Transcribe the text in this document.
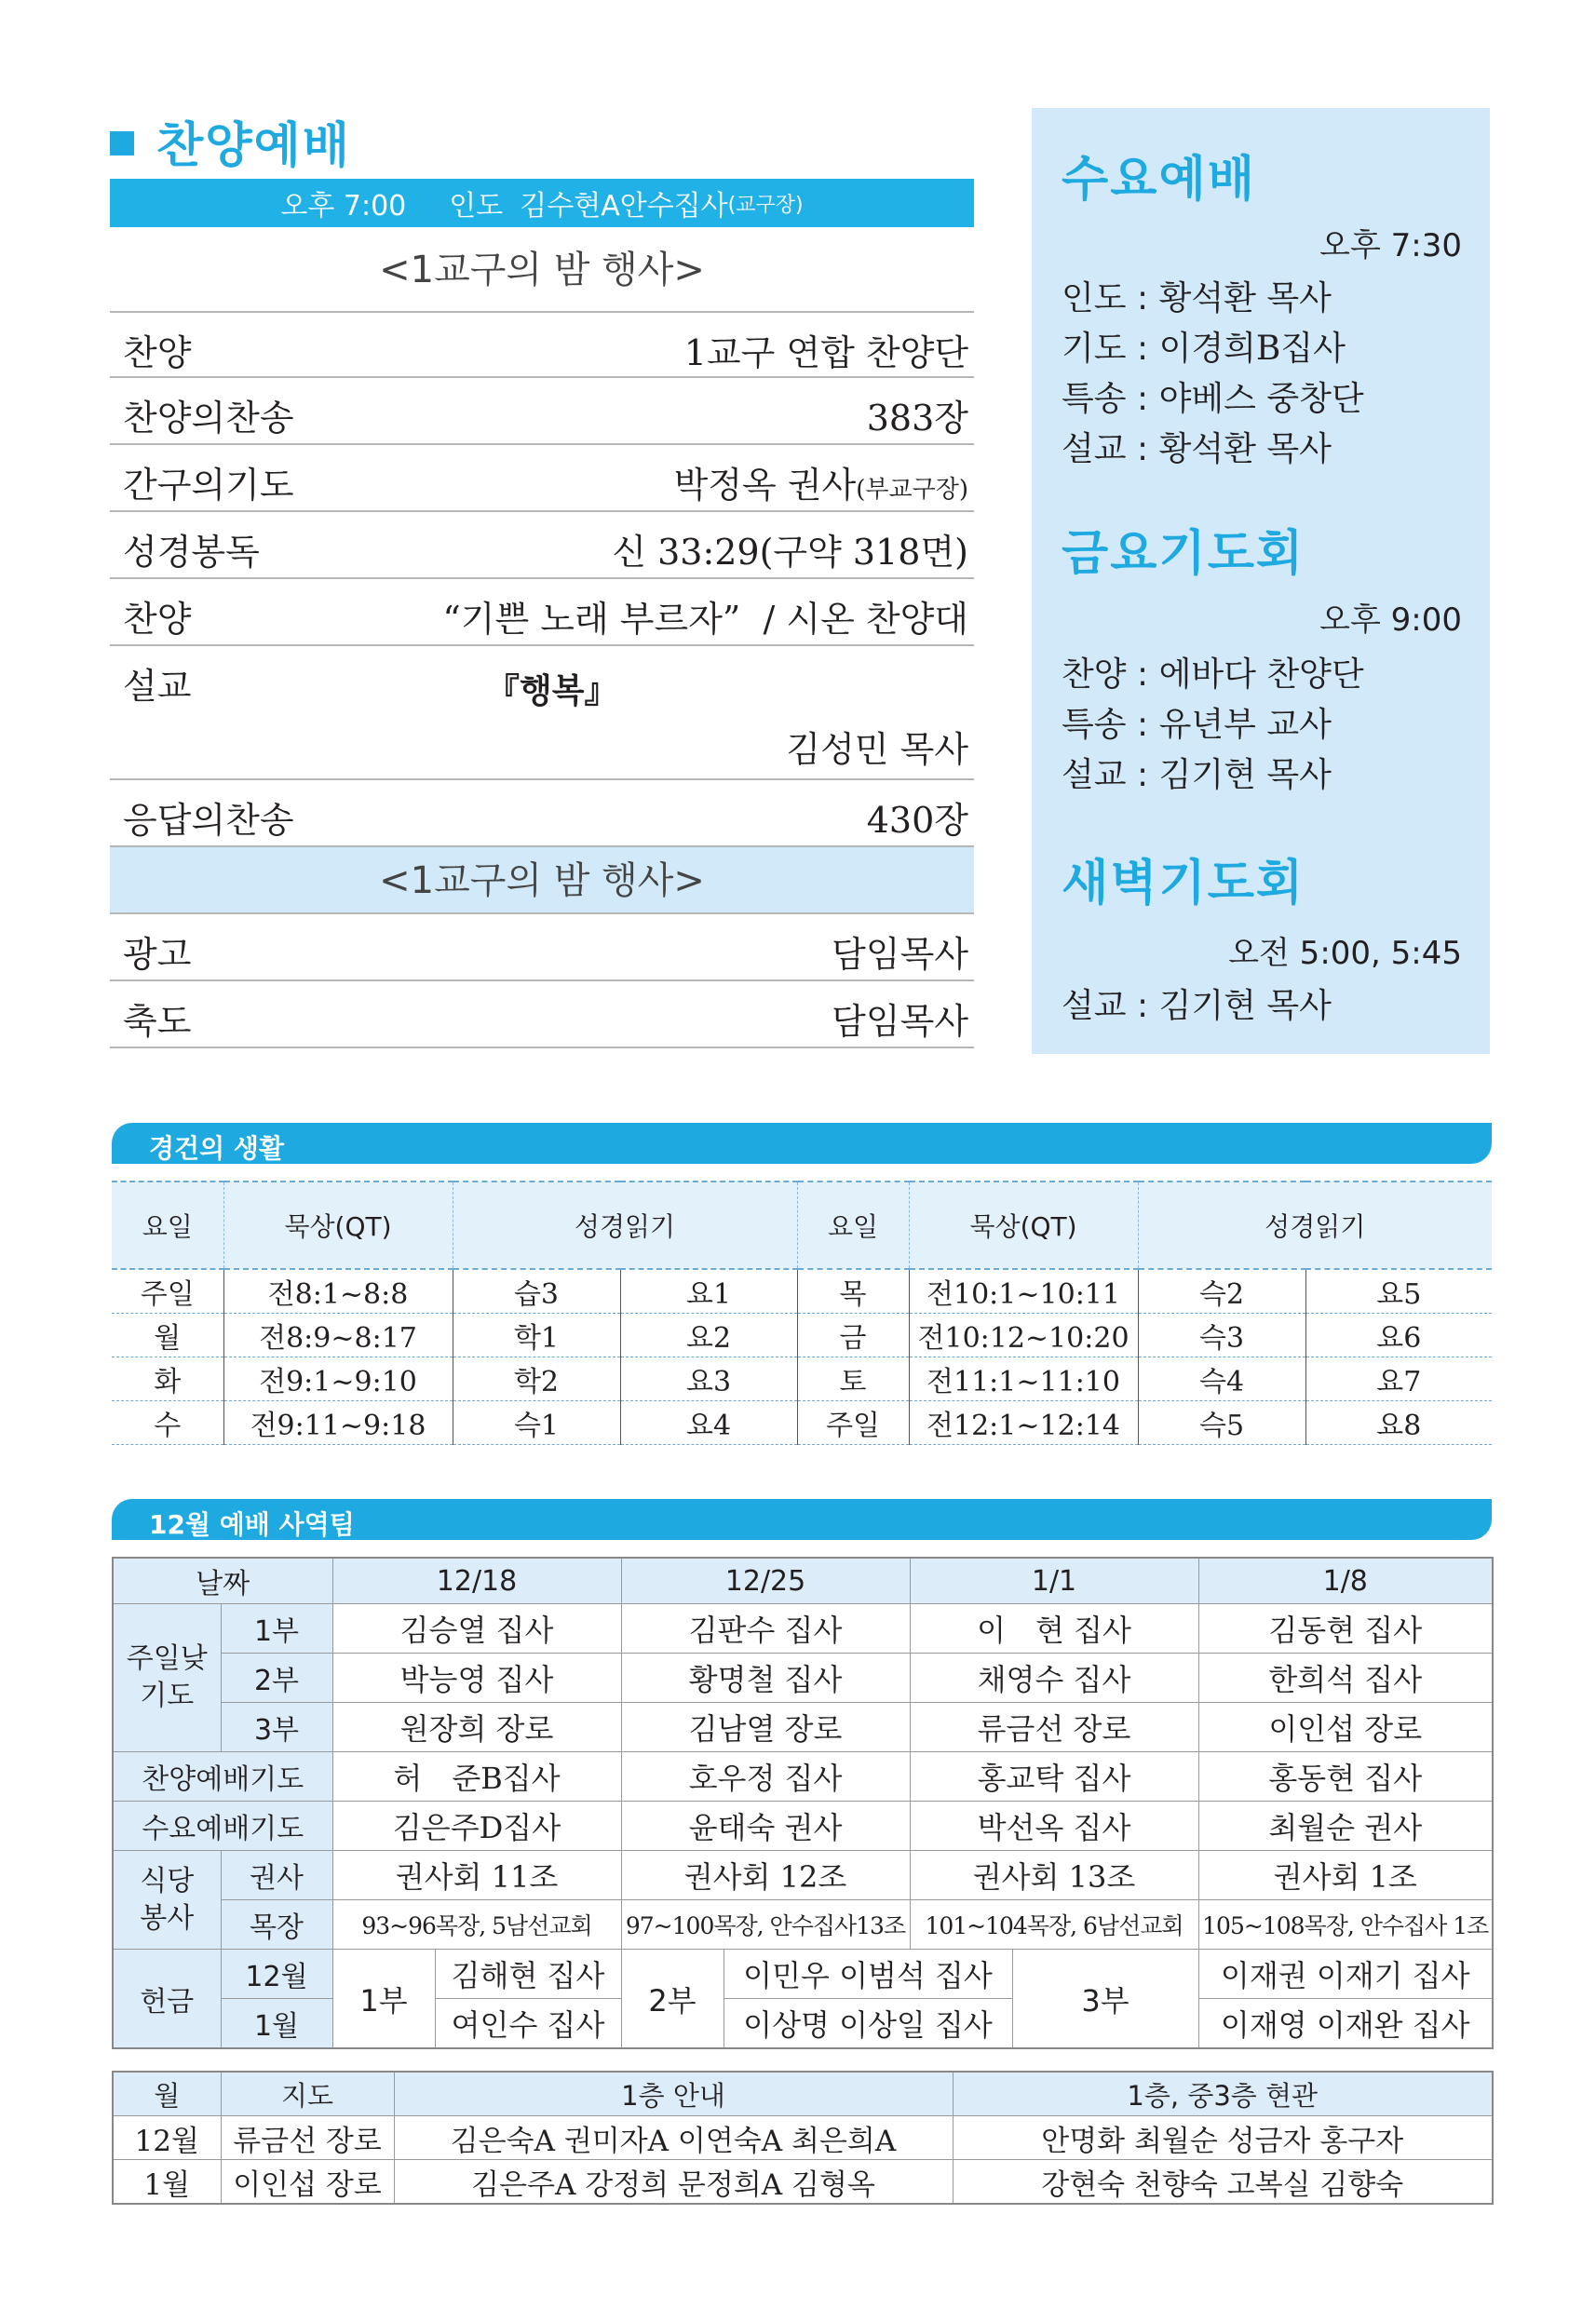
찬양예배
오후 7:00 인도 김수현A안수집사 (교구장)
<1교구의 밤 행사>
찬양	1교구 연합 찬양단
찬양의찬송	383장
간구의기도	박정옥 권사(부교구장)
성경봉독	신 33:29(구약 318면)
찬양	“기쁜 노래 부르자”  / 시온 찬양대
설교	『행복』
김성민 목사
응답의찬송	430장
<1교구의 밤 행사>
광고	담임목사
축도	담임목사
수요예배
오후 7:30
인도 : 황석환 목사
기도 : 이경희B집사
특송 : 야베스 중창단
설교 : 황석환 목사
금요기도회
오후 9:00
찬양 : 에바다 찬양단
특송 : 유년부 교사
설교 : 김기현 목사
새벽기도회
오전 5:00, 5:45
설교 : 김기현 목사
경건의 생활
요일	묵상(QT)	성경읽기		요일	묵상(QT)	성경읽기	
주일	전8:1~8:8	습3	요1	목	전10:1~10:11	슥2	요5
월	전8:9~8:17	학1	요2	금	전10:12~10:20	슥3	요6
화	전9:1~9:10	학2	요3	토	전11:1~11:10	슥4	요7
수	전9:11~9:18	슥1	요4	주일	전12:1~12:14	슥5	요8
12월 예배 사역팀
날짜		12/18		12/25		1/1		1/8
주일낮
기도	1부	김승열 집사		김판수 집사		이　현 집사		김동현 집사
	2부	박능영 집사		황명철 집사		채영수 집사		한희석 집사
	3부	원장희 장로		김남열 장로		류금선 장로		이인섭 장로
찬양예배기도		허　준B집사		호우정 집사		홍교탁 집사		홍동현 집사
수요예배기도		김은주D집사		윤태숙 권사		박선옥 집사		최월순 권사
식당
봉사	권사	권사회 11조		권사회 12조		권사회 13조		권사회 1조
	목장	93~96목장, 5남선교회		97~100목장, 안수집사13조		101~104목장, 6남선교회		105~108목장, 안수집사 1조
헌금	12월	1부	김해현 집사	2부	이민우 이범석 집사		3부	이재권 이재기 집사
	1월		여인수 집사		이상명 이상일 집사			이재영 이재완 집사
월	지도	1층 안내	1층, 중3층 현관
12월	류금선 장로	김은숙A 권미자A 이연숙A 최은희A	안명화 최월순 성금자 홍구자
1월	이인섭 장로	김은주A 강정희 문정희A 김형옥	강현숙 천향숙 고복실 김향숙
